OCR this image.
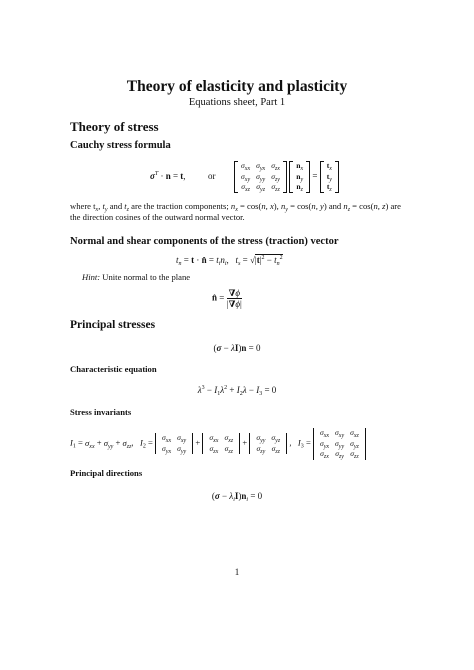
Theory of elasticity and plasticity
Equations sheet, Part 1
Theory of stress
Cauchy stress formula
$\sigma^T \cdot n = t$,  or
$\sigma_{xx}$	$\sigma_{yx}$	$\sigma_{zx}$
$\sigma_{xy}$	$\sigma_{yy}$	$\sigma_{zy}$
$\sigma_{xz}$	$\sigma_{yz}$	$\sigma_{zz}$

$n_x$
$n_y$
$n_z$
=
$t_x$
$t_y$
$t_z$
where $t_x$, $t_y$ and $t_z$ are the traction components; $n_x = \cos(n$, x), $n_y = \cos(n$, y) and $n_z = \cos(n$, z) are the direction cosines of the outward normal vector.
Normal and shear components of the stress (traction) vector
$t_n = t$ · n̂ = $t_in_i$,   $t_s = √|t|^2 - t_n^2$
Hint: Unite normal to the plane
n̂ = $\frac{\nabla\phi}{|\nabla\phi|}$
Principal stresses
(σ − λI)n = 0
Characteristic equation
$\lambda^3 - I_1\lambda^2 + I_2\lambda - I_3 = 0$
Stress invariants
$I_1 = \sigma_{xx} + \sigma_{yy} + \sigma_{zz}$,   $I_2 = \sigma_{xx}$	$\sigma_{xy}$
$\sigma_{yx}$	$\sigma_{yy}$
+ $\sigma_{xx}$	$\sigma_{xz}$
$\sigma_{zx}$	$\sigma_{zz}$
+ $\sigma_{yy}$	$\sigma_{yz}$
$\sigma_{zy}$	$\sigma_{zz}$
,   $I_3$ =
$\sigma_{xx}$	$\sigma_{xy}$	$\sigma_{xz}$
$\sigma_{yx}$	$\sigma_{yy}$	$\sigma_{yz}$
$\sigma_{zx}$	$\sigma_{zy}$	$\sigma_{zz}$
Principal directions
$(\sigma - \lambda_iI)n_i = 0$
1
